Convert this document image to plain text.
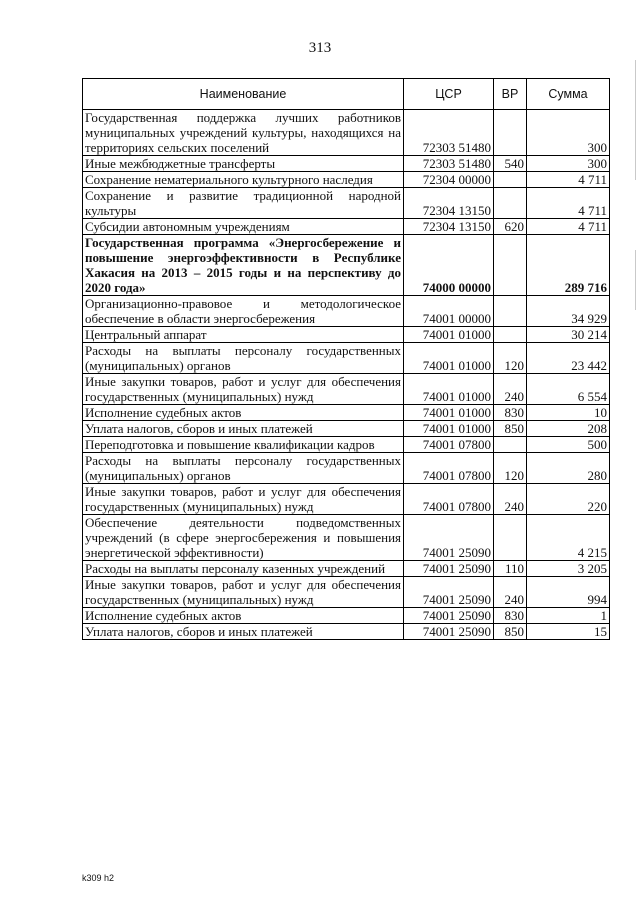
313
Наименование	ЦСР	ВР	Сумма
Государственная поддержка лучших работников муниципальных учреждений культуры, находящихся на территориях сельских поселений	72303 51480		300
Иные межбюджетные трансферты	72303 51480	540	300
Сохранение нематериального культурного наследия	72304 00000		4 711
Сохранение и развитие традиционной народной культуры	72304 13150		4 711
Субсидии автономным учреждениям	72304 13150	620	4 711
Государственная программа «Энергосбережение и повышение энергоэффективности в Республике Хакасия на 2013 – 2015 годы и на перспективу до 2020 года»	74000 00000		289 716
Организационно-правовое и методологическое обеспечение в области энергосбережения	74001 00000		34 929
Центральный аппарат	74001 01000		30 214
Расходы на выплаты персоналу государственных (муниципальных) органов	74001 01000	120	23 442
Иные закупки товаров, работ и услуг для обеспечения государственных (муниципальных) нужд	74001 01000	240	6 554
Исполнение судебных актов	74001 01000	830	10
Уплата налогов, сборов и иных платежей	74001 01000	850	208
Переподготовка и повышение квалификации кадров	74001 07800		500
Расходы на выплаты персоналу государственных (муниципальных) органов	74001 07800	120	280
Иные закупки товаров, работ и услуг для обеспечения государственных (муниципальных) нужд	74001 07800	240	220
Обеспечение деятельности подведомственных учреждений (в сфере энергосбережения и повышения энергетической эффективности)	74001 25090		4 215
Расходы на выплаты персоналу казенных учреждений	74001 25090	110	3 205
Иные закупки товаров, работ и услуг для обеспечения государственных (муниципальных) нужд	74001 25090	240	994
Исполнение судебных актов	74001 25090	830	1
Уплата налогов, сборов и иных платежей	74001 25090	850	15
k309 h2
